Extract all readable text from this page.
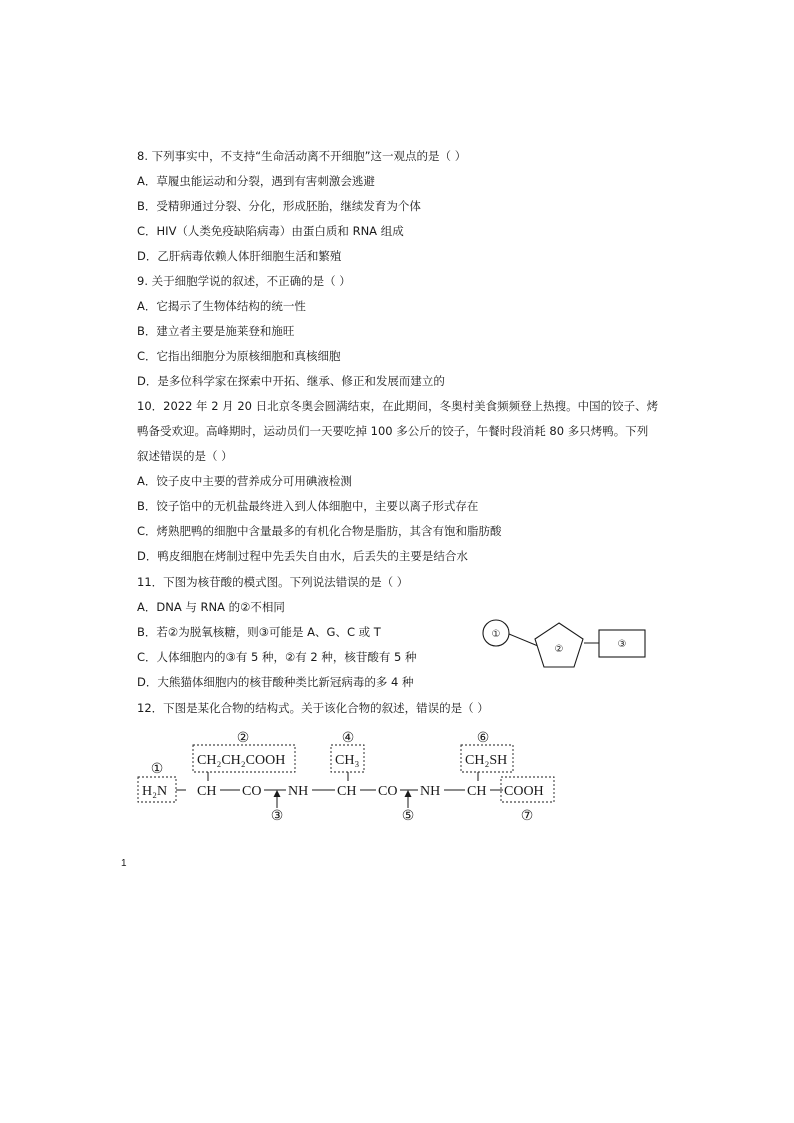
8. 下列事实中，不支持“生命活动离不开细胞”这一观点的是（ ）
A．草履虫能运动和分裂，遇到有害刺激会逃避
B．受精卵通过分裂、分化，形成胚胎，继续发育为个体
C．HIV（人类免疫缺陷病毒）由蛋白质和 RNA 组成
D．乙肝病毒依赖人体肝细胞生活和繁殖
9. 关于细胞学说的叙述，不正确的是（ ）
A．它揭示了生物体结构的统一性
B．建立者主要是施莱登和施旺
C．它指出细胞分为原核细胞和真核细胞
D．是多位科学家在探索中开拓、继承、修正和发展而建立的
10．2022 年 2 月 20 日北京冬奥会圆满结束，在此期间，冬奥村美食频频登上热搜。中国的饺子、烤
鸭备受欢迎。高峰期时，运动员们一天要吃掉 100 多公斤的饺子，午餐时段消耗 80 多只烤鸭。下列
叙述错误的是（ ）
A．饺子皮中主要的营养成分可用碘液检测
B．饺子馅中的无机盐最终进入到人体细胞中，主要以离子形式存在
C．烤熟肥鸭的细胞中含量最多的有机化合物是脂肪，其含有饱和脂肪酸
D．鸭皮细胞在烤制过程中先丢失自由水，后丢失的主要是结合水
11．下图为核苷酸的模式图。下列说法错误的是（ ）
A．DNA 与 RNA 的②不相同
B．若②为脱氧核糖，则③可能是 A、G、C 或 T
C．人体细胞内的③有 5 种，②有 2 种，核苷酸有 5 种
D．大熊猫体细胞内的核苷酸种类比新冠病毒的多 4 种
①
②	③
12．下图是某化合物的结构式。关于该化合物的叙述，错误的是（ ）
①
②
③
④
⑤
⑥
⑦
CH₂CH₂COOH	CH₃	CH₂SH
H₂N CH CO NH CH CO NH CH COOH
1
